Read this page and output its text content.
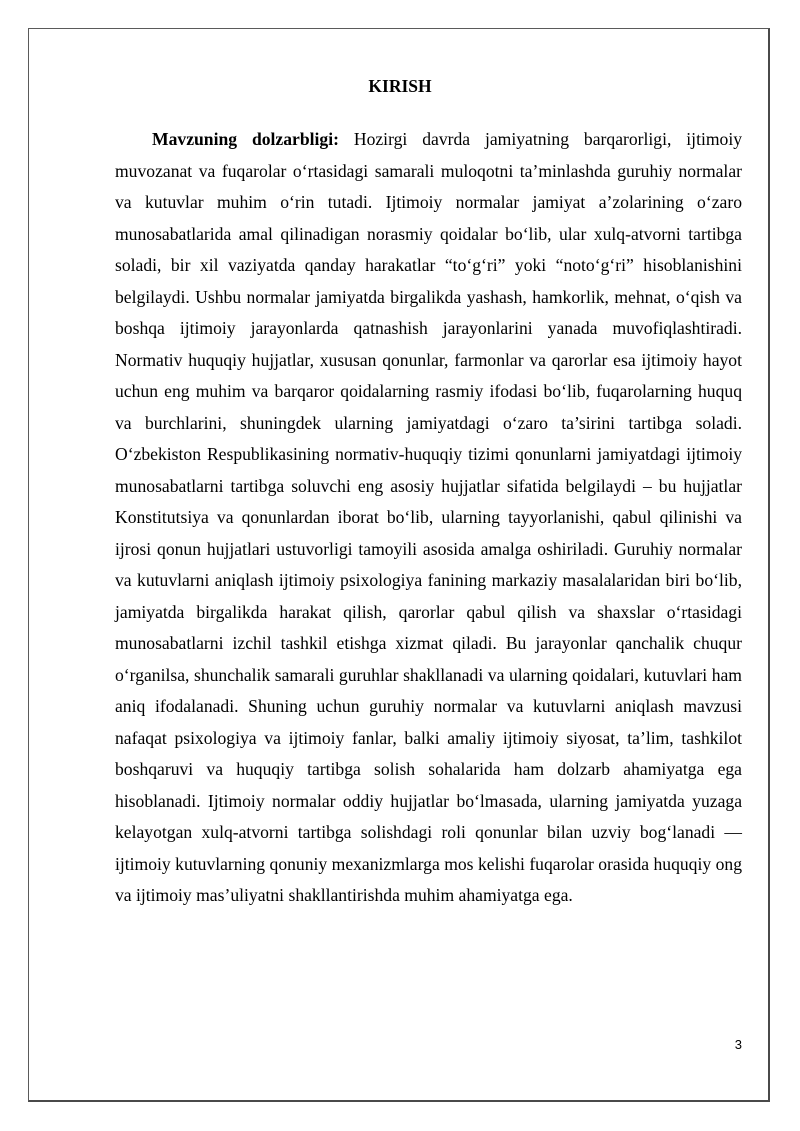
KIRISH

Mavzuning dolzarbligi: Hozirgi davrda jamiyatning barqarorligi, ijtimoiy muvozanat va fuqarolar o‘rtasidagi samarali muloqotni ta’minlashda guruhiy normalar va kutuvlar muhim o‘rin tutadi. Ijtimoiy normalar jamiyat a’zolarining o‘zaro munosabatlarida amal qilinadigan norasmiy qoidalar bo‘lib, ular xulq-atvorni tartibga soladi, bir xil vaziyatda qanday harakatlar “to‘g‘ri” yoki “noto‘g‘ri” hisoblanishini belgilaydi. Ushbu normalar jamiyatda birgalikda yashash, hamkorlik, mehnat, o‘qish va boshqa ijtimoiy jarayonlarda qatnashish jarayonlarini yanada muvofiqlashtiradi. Normativ huquqiy hujjatlar, xususan qonunlar, farmonlar va qarorlar esa ijtimoiy hayot uchun eng muhim va barqaror qoidalarning rasmiy ifodasi bo‘lib, fuqarolarning huquq va burchlarini, shuningdek ularning jamiyatdagi o‘zaro ta’sirini tartibga soladi. O‘zbekiston Respublikasining normativ-huquqiy tizimi qonunlarni jamiyatdagi ijtimoiy munosabatlarni tartibga soluvchi eng asosiy hujjatlar sifatida belgilaydi – bu hujjatlar Konstitutsiya va qonunlardan iborat bo‘lib, ularning tayyorlanishi, qabul qilinishi va ijrosi qonun hujjatlari ustuvorligi tamoyili asosida amalga oshiriladi. Guruhiy normalar va kutuvlarni aniqlash ijtimoiy psixologiya fanining markaziy masalalaridan biri bo‘lib, jamiyatda birgalikda harakat qilish, qarorlar qabul qilish va shaxslar o‘rtasidagi munosabatlarni izchil tashkil etishga xizmat qiladi. Bu jarayonlar qanchalik chuqur o‘rganilsa, shunchalik samarali guruhlar shakllanadi va ularning qoidalari, kutuvlari ham aniq ifodalanadi. Shuning uchun guruhiy normalar va kutuvlarni aniqlash mavzusi nafaqat psixologiya va ijtimoiy fanlar, balki amaliy ijtimoiy siyosat, ta’lim, tashkilot boshqaruvi va huquqiy tartibga solish sohalarida ham dolzarb ahamiyatga ega hisoblanadi. Ijtimoiy normalar oddiy hujjatlar bo‘lmasada, ularning jamiyatda yuzaga kelayotgan xulq-atvorni tartibga solishdagi roli qonunlar bilan uzviy bog‘lanadi — ijtimoiy kutuvlarning qonuniy mexanizmlarga mos kelishi fuqarolar orasida huquqiy ong va ijtimoiy mas’uliyatni shakllantirishda muhim ahamiyatga ega.

3
